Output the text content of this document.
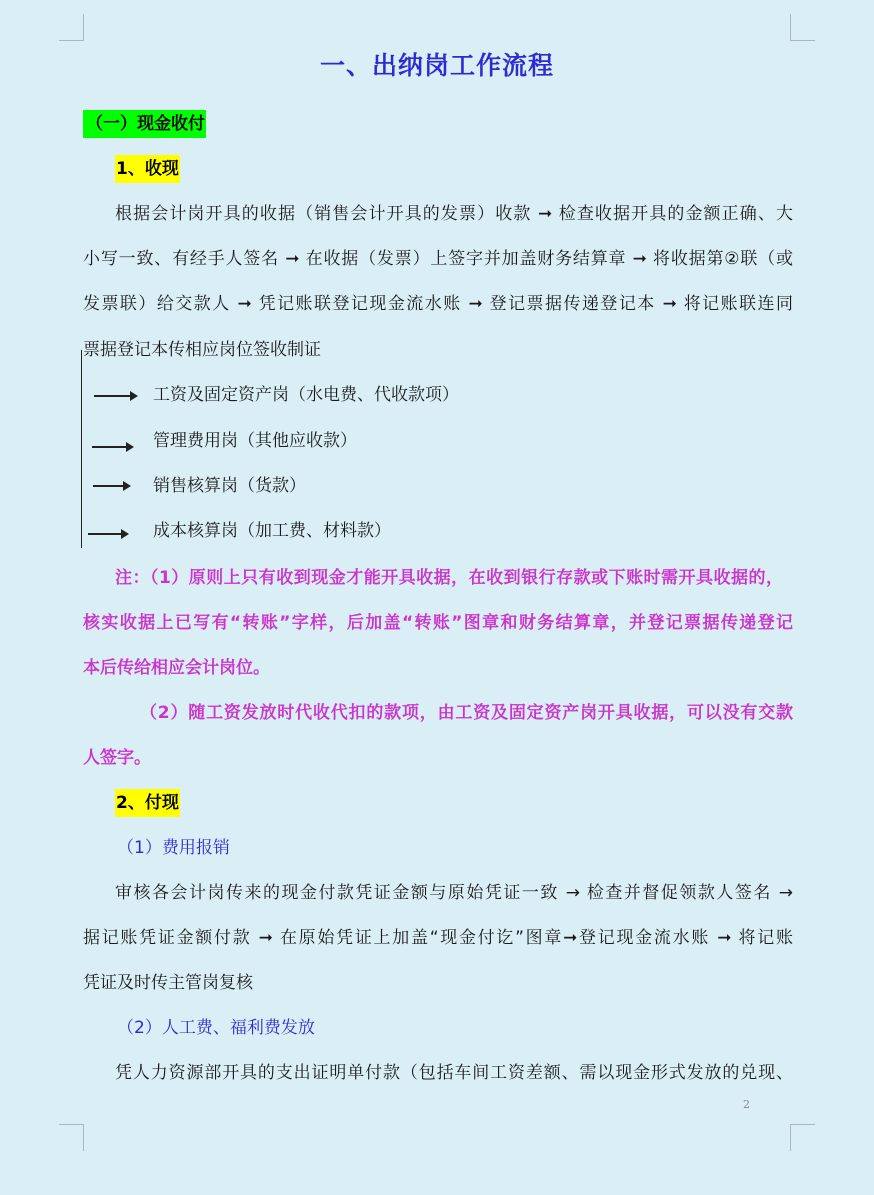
一、出纳岗工作流程
（一）现金收付
1、收现
根据会计岗开具的收据（销售会计开具的发票）收款 ➞ 检查收据开具的金额正确、大
小写一致、有经手人签名 ➞ 在收据（发票）上签字并加盖财务结算章 ➞ 将收据第②联（或
发票联）给交款人 ➞ 凭记账联登记现金流水账 ➞ 登记票据传递登记本 ➞ 将记账联连同
票据登记本传相应岗位签收制证
工资及固定资产岗（水电费、代收款项）
管理费用岗（其他应收款）
销售核算岗（货款）
成本核算岗（加工费、材料款）
注：（1）原则上只有收到现金才能开具收据，在收到银行存款或下账时需开具收据的，
核实收据上已写有“转账”字样，后加盖“转账”图章和财务结算章，并登记票据传递登记
本后传给相应会计岗位。
（2）随工资发放时代收代扣的款项，由工资及固定资产岗开具收据，可以没有交款
人签字。
2、付现
（1）费用报销
审核各会计岗传来的现金付款凭证金额与原始凭证一致 → 检查并督促领款人签名 →
据记账凭证金额付款 ➞ 在原始凭证上加盖“现金付讫”图章➞登记现金流水账 ➞ 将记账
凭证及时传主管岗复核
（2）人工费、福利费发放
凭人力资源部开具的支出证明单付款（包括车间工资差额、需以现金形式发放的兑现、
2
